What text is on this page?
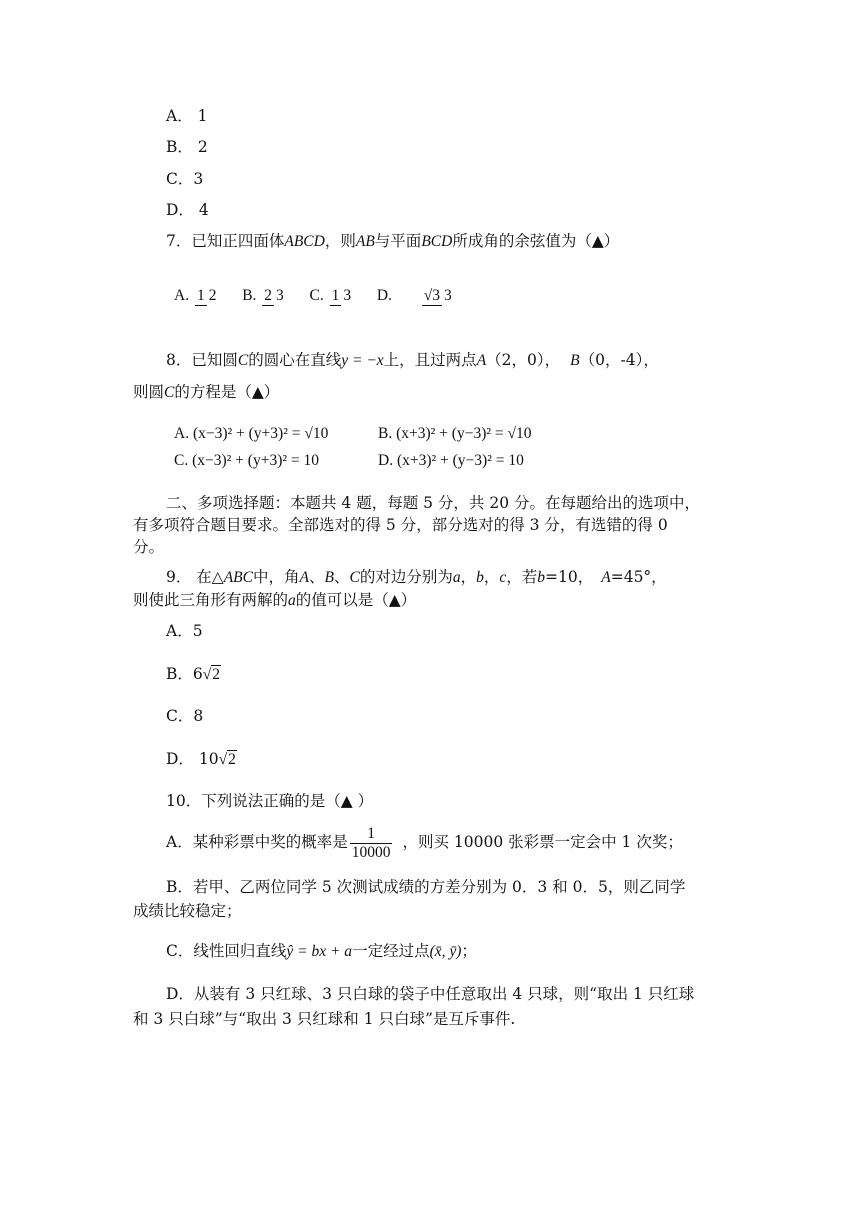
A． 1
B． 2
C．3
D． 4
7．已知正四面体ABCD，则AB与平面BCD所成角的余弦值为（▲）
A. 1 2 B. 2 3 C. 1 3 D. √3 3
8．已知圆C的圆心在直线y = −x上，且过两点A（2，0）， B（0，-4），
则圆C的方程是（▲）
A. (x−3)² + (y+3)² = √10	B. (x+3)² + (y−3)² = √10
C. (x−3)² + (y+3)² = 10	D. (x+3)² + (y−3)² = 10
二、多项选择题：本题共 4 题，每题 5 分，共 20 分。在每题给出的选项中，
有多项符合题目要求。全部选对的得 5 分，部分选对的得 3 分，有选错的得 0
分。
9． 在△ABC中，角A、B、C的对边分别为a，b，c，若b=10， A=45°，
则使此三角形有两解的a的值可以是（▲）
A．5
B．6√2
C．8
D． 10√2
10．下列说法正确的是（▲ ）
A．某种彩票中奖的概率是 $\frac{1}{10000}$ ，则买 10000 张彩票一定会中 1 次奖；
B．若甲、乙两位同学 5 次测试成绩的方差分别为 0．3 和 0．5，则乙同学
成绩比较稳定；
C．线性回归直线ŷ = bx + a一定经过点(x̄, ȳ)；
D．从装有 3 只红球、3 只白球的袋子中任意取出 4 只球，则“取出 1 只红球
和 3 只白球”与“取出 3 只红球和 1 只白球”是互斥事件.
